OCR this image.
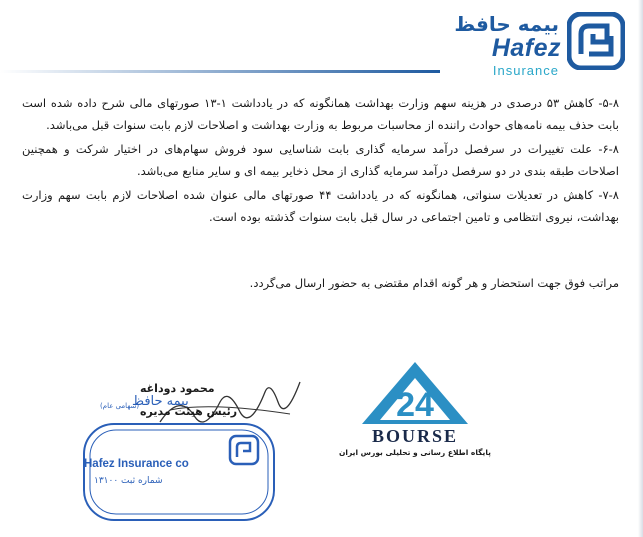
بیمه حافظ
Hafez
Insurance

۵-۸- کاهش ۵۳ درصدی در هزینه سهم وزارت بهداشت همانگونه که در یادداشت ۱-۱۳ صورتهای مالی شرح داده شده است بابت حذف بیمه نامه‌های حوادث راننده از محاسبات مربوط به وزارت بهداشت و اصلاحات لازم بابت سنوات قبل می‌باشد.

۶-۸- علت تغییرات در سرفصل درآمد سرمایه گذاری بابت شناسایی سود فروش سهام‌های در اختیار شرکت و همچنین اصلاحات طبقه بندی در دو سرفصل درآمد سرمایه گذاری از محل ذخایر بیمه ای و سایر منابع می‌باشد.

۷-۸- کاهش در تعدیلات سنواتی، همانگونه که در یادداشت ۴۴ صورتهای مالی عنوان شده اصلاحات لازم بابت سهم وزارت بهداشت، نیروی انتظامی و تامین اجتماعی در سال قبل بابت سنوات گذشته بوده است.

مراتب فوق جهت استحضار و هر گونه اقدام مقتضی به حضور ارسال می‌گردد.
بیمه حافظ
(سهامی عام)
Hafez Insurance co
شماره ثبت ۱۳۱۰۰
محمود دوداغه
رئیس هیئت مدیره	24
BOURSE
پایگاه اطلاع رسانی و تحلیلی بورس ایران
